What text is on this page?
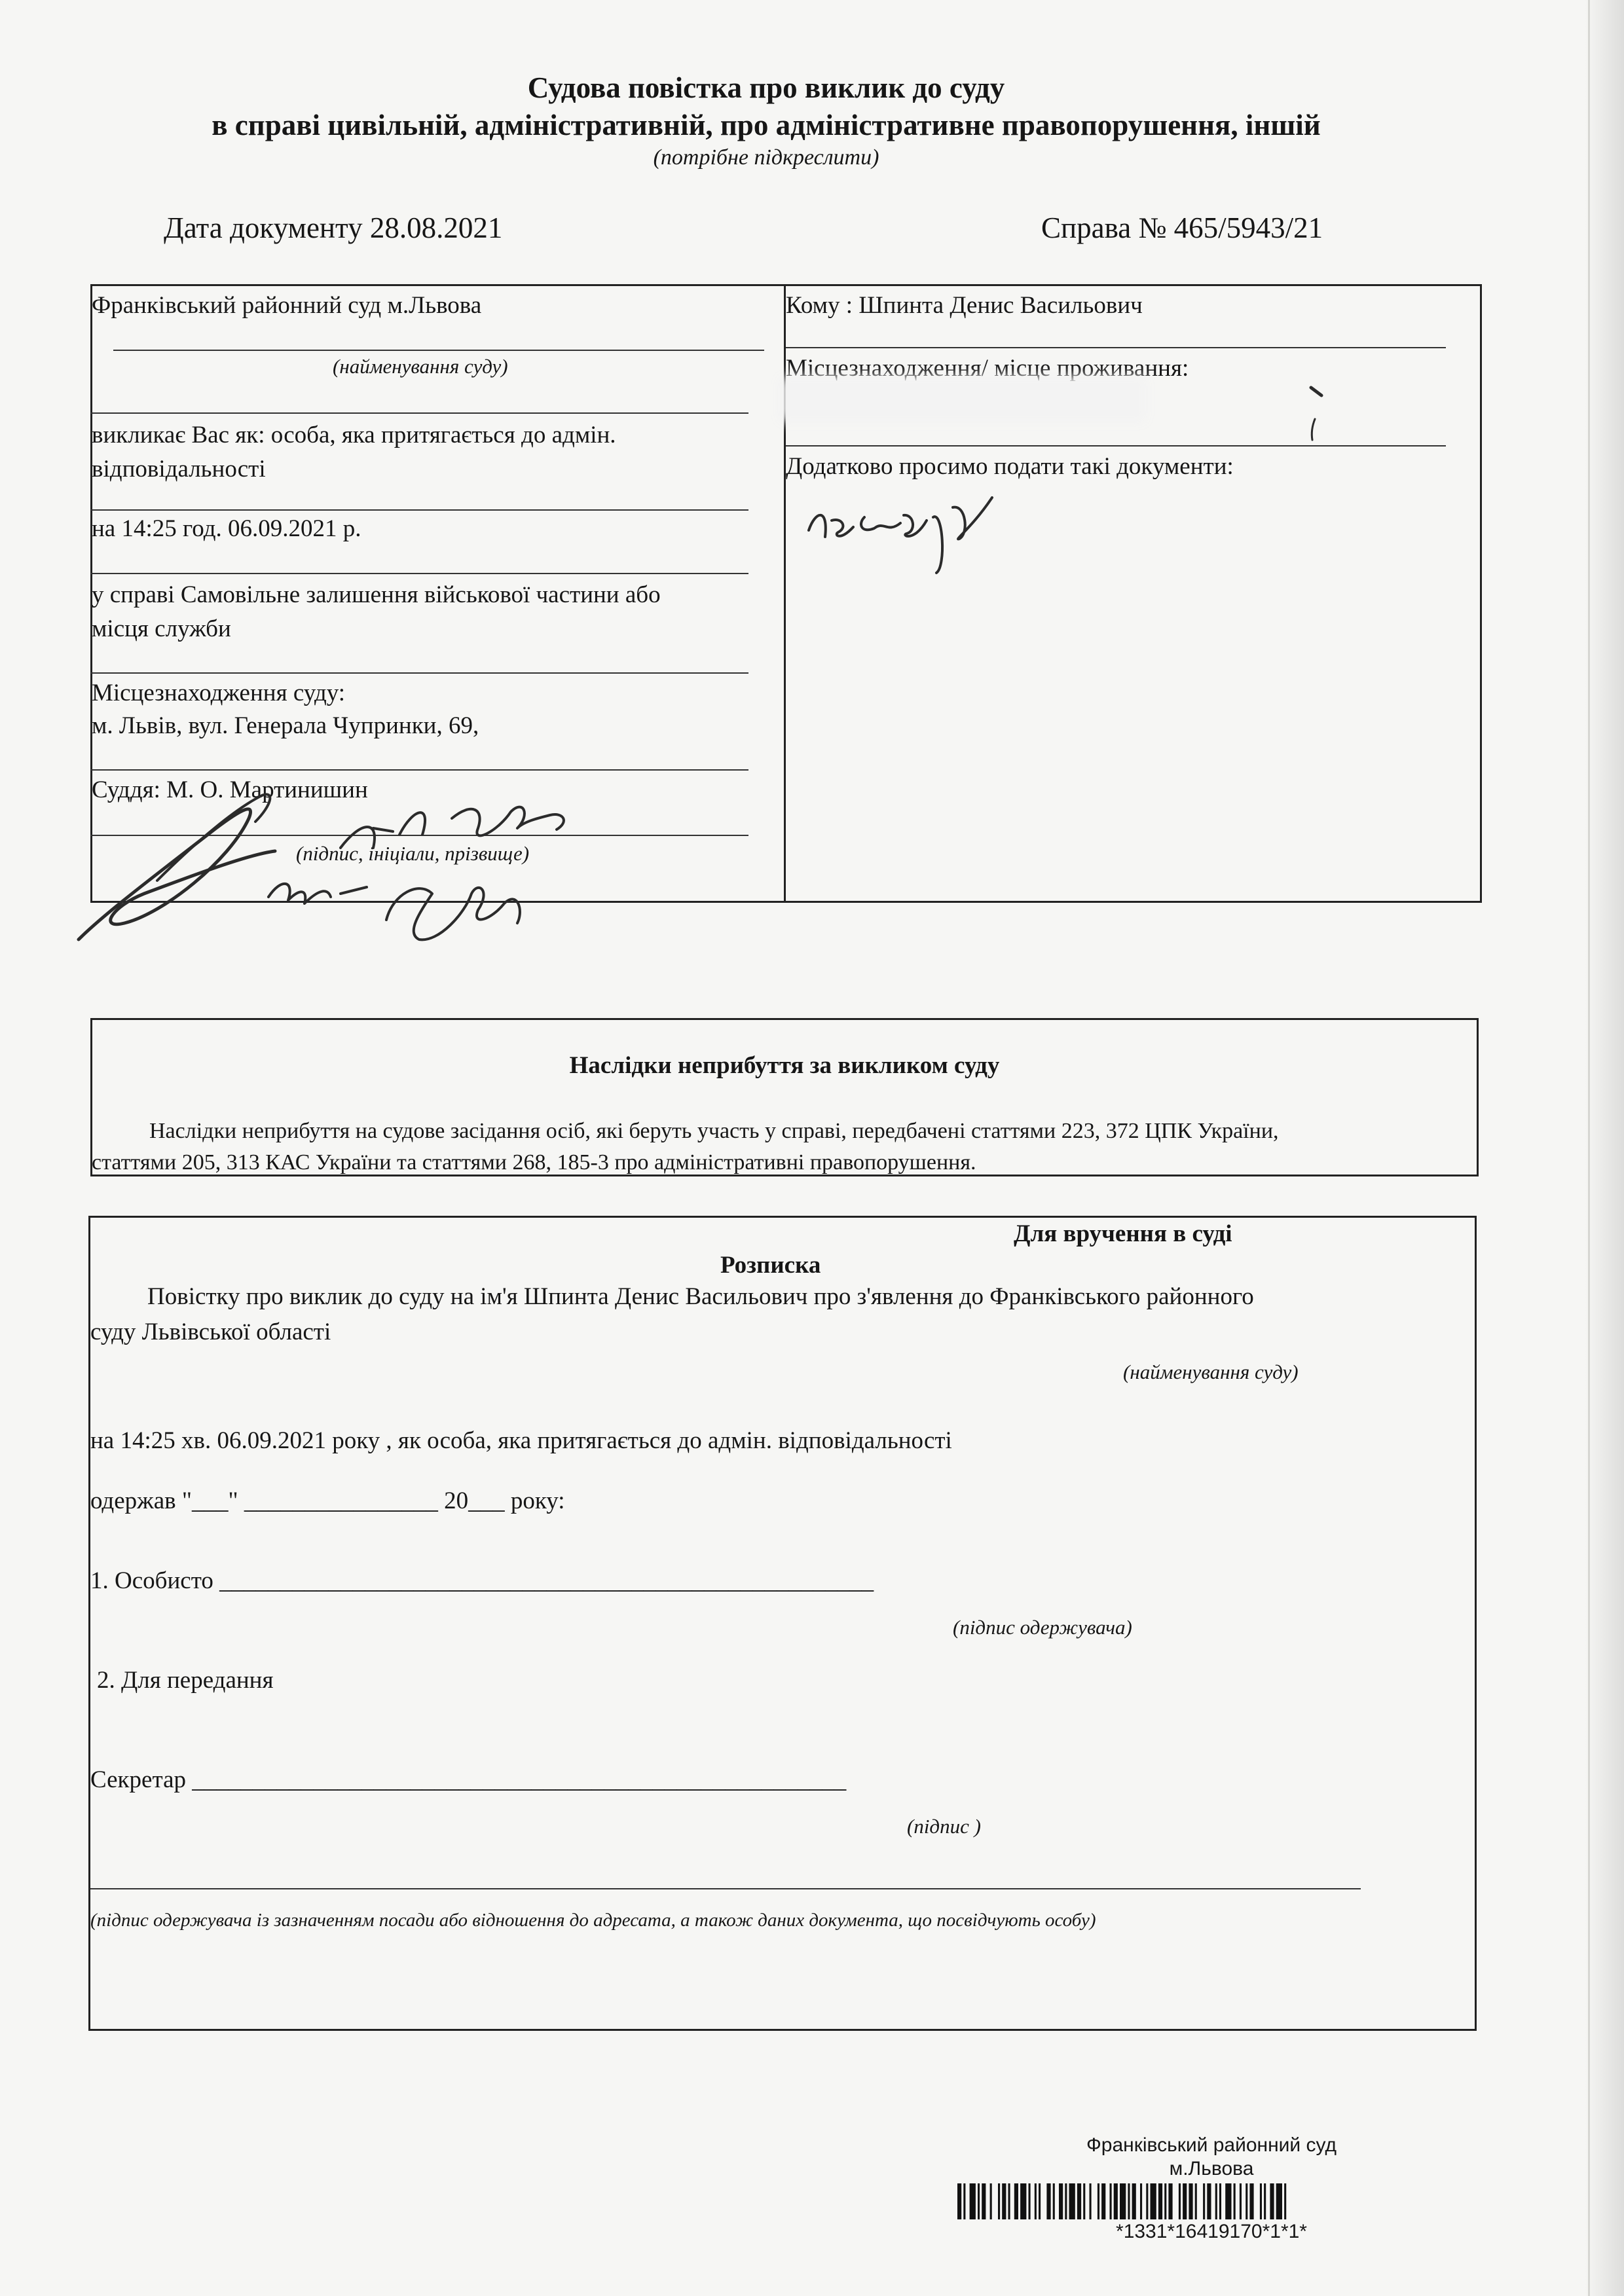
Судова повістка про виклик до суду
в справі цивільній, адміністративній, про адміністративне правопорушення, іншій
(потрібне підкреслити)
Дата документу 28.08.2021	Справа № 465/5943/21
Франківський районний суд м.Львова
(найменування суду)
викликає Вас як: особа, яка притягається до адмін.
відповідальності
на 14:25 год. 06.09.2021 р.
у справі Самовільне залишення військової частини або
місця служби
Місцезнаходження суду:
м. Львів, вул. Генерала Чупринки, 69,
Суддя: М. О. Мартинишин
(підпис, ініціали, прізвище)
Кому : Шпинта Денис Васильович
Місцезнаходження/ місце проживання:
Додатково просимо подати такі документи:
Наслідки неприбуття за викликом суду
Наслідки неприбуття на судове засідання осіб, які беруть участь у справі, передбачені статтями 223, 372 ЦПК України,
статтями 205, 313 КАС України та статтями 268, 185-3 про адміністративні правопорушення.
Для вручення в суді
Розписка
Повістку про виклик до суду на ім'я Шпинта Денис Васильович про з'явлення до Франківського районного
суду Львівської області
(найменування суду)
на 14:25 хв. 06.09.2021 року , як особа, яка притягається до адмін. відповідальності
одержав "___" ________________ 20___ року:
1. Особисто ______________________________________________________
(підпис одержувача)
2. Для передання
Секретар ______________________________________________________
(підпис )
(підпис одержувача із зазначенням посади або відношення до адресата, а також даних документа, що посвідчують особу)
Франківський районний суд
м.Львова
*1331*16419170*1*1*
